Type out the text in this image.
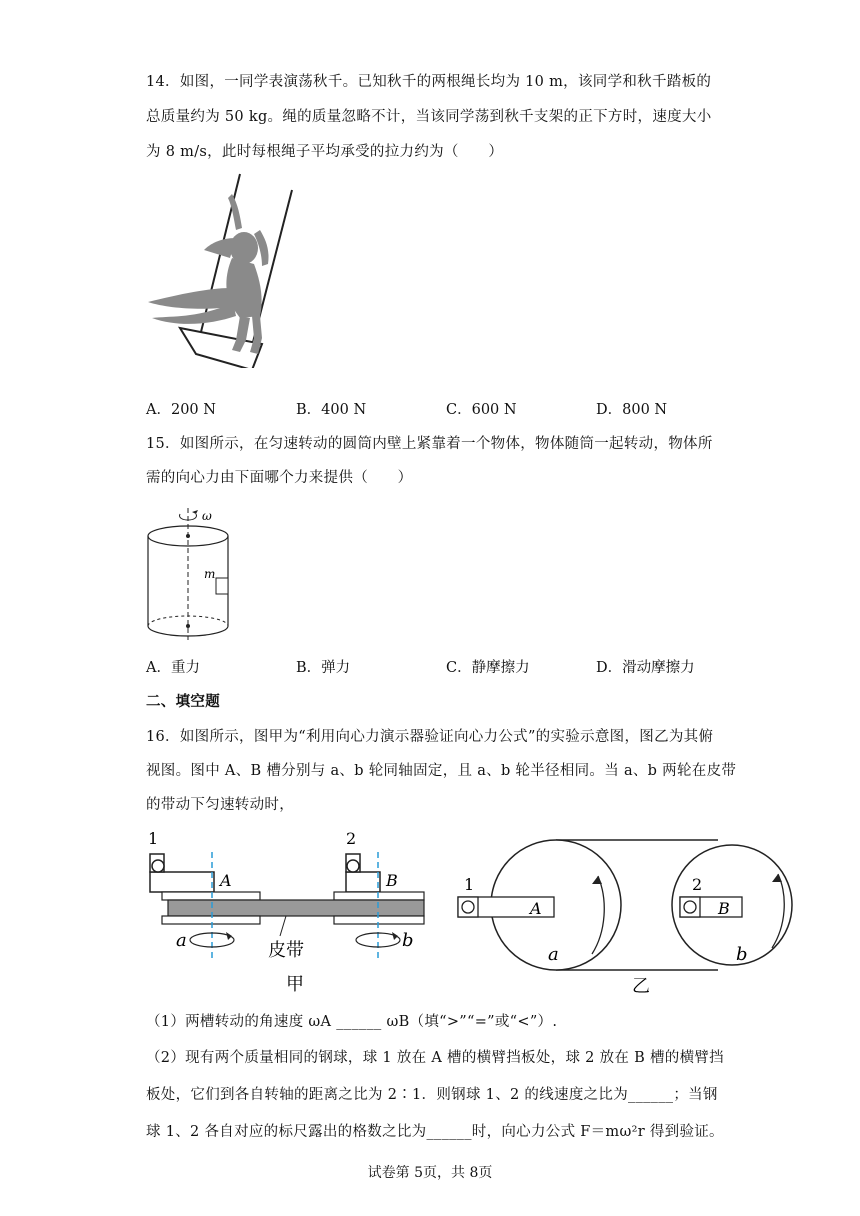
14．如图，一同学表演荡秋千。已知秋千的两根绳长均为 10 m，该同学和秋千踏板的
总质量约为 50 kg。绳的质量忽略不计，当该同学荡到秋千支架的正下方时，速度大小
为 8 m/s，此时每根绳子平均承受的拉力约为（　　）
A．200 N	B．400 N	C．600 N	D．800 N
15．如图所示，在匀速转动的圆筒内壁上紧靠着一个物体，物体随筒一起转动，物体所
需的向心力由下面哪个力来提供（　　）
ω
m
A．重力	B．弹力	C．静摩擦力	D．滑动摩擦力
二、填空题
16．如图所示，图甲为“利用向心力演示器验证向心力公式”的实验示意图，图乙为其俯
视图。图中 A、B 槽分别与 a、b 轮同轴固定，且 a、b 轮半径相同。当 a、b 两轮在皮带
的带动下匀速转动时，
1	2
A	B
a	b
皮带
甲
A
1
B
2
a	b
乙
（1）两槽转动的角速度 ωA ______ ωB（填“>”“=”或“<”）.
（2）现有两个质量相同的钢球，球 1 放在 A 槽的横臂挡板处，球 2 放在 B 槽的横臂挡
板处，它们到各自转轴的距离之比为 2∶1．则钢球 1、2 的线速度之比为______；当钢
球 1、2 各自对应的标尺露出的格数之比为______时，向心力公式 F＝mω²r 得到验证。
试卷第 5页，共 8页
